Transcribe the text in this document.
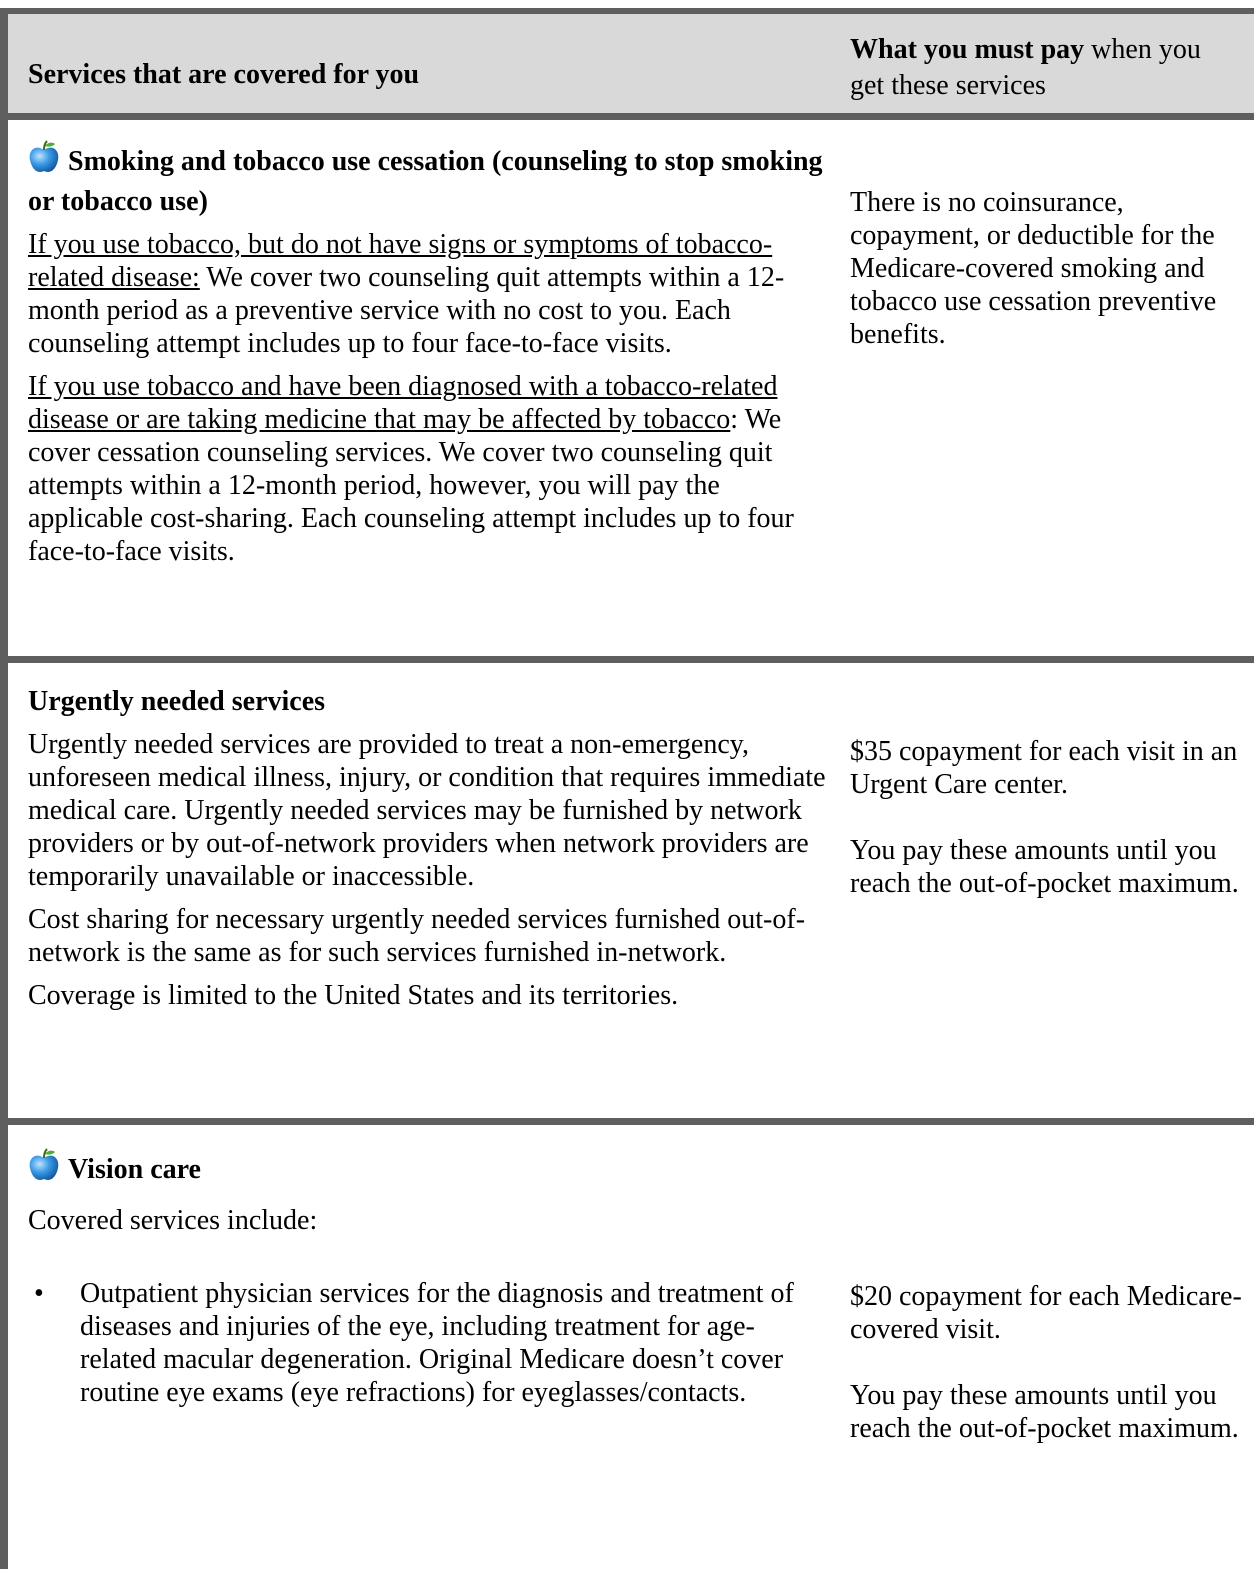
Services that are covered for you
What you must pay when you get these services

Smoking and tobacco use cessation (counseling to stop smoking or tobacco use)

If you use tobacco, but do not have signs or symptoms of tobacco-related disease: We cover two counseling quit attempts within a 12-month period as a preventive service with no cost to you. Each counseling attempt includes up to four face-to-face visits.

If you use tobacco and have been diagnosed with a tobacco-related disease or are taking medicine that may be affected by tobacco: We cover cessation counseling services. We cover two counseling quit attempts within a 12-month period, however, you will pay the applicable cost-sharing. Each counseling attempt includes up to four face-to-face visits.

There is no coinsurance, copayment, or deductible for the Medicare-covered smoking and tobacco use cessation preventive benefits.

Urgently needed services

Urgently needed services are provided to treat a non-emergency, unforeseen medical illness, injury, or condition that requires immediate medical care. Urgently needed services may be furnished by network providers or by out-of-network providers when network providers are temporarily unavailable or inaccessible.

Cost sharing for necessary urgently needed services furnished out-of-network is the same as for such services furnished in-network.

Coverage is limited to the United States and its territories.

$35 copayment for each visit in an Urgent Care center.

You pay these amounts until you reach the out-of-pocket maximum.

Vision care

Covered services include:

• Outpatient physician services for the diagnosis and treatment of diseases and injuries of the eye, including treatment for age-related macular degeneration. Original Medicare doesn’t cover routine eye exams (eye refractions) for eyeglasses/contacts.

$20 copayment for each Medicare-covered visit.

You pay these amounts until you reach the out-of-pocket maximum.
